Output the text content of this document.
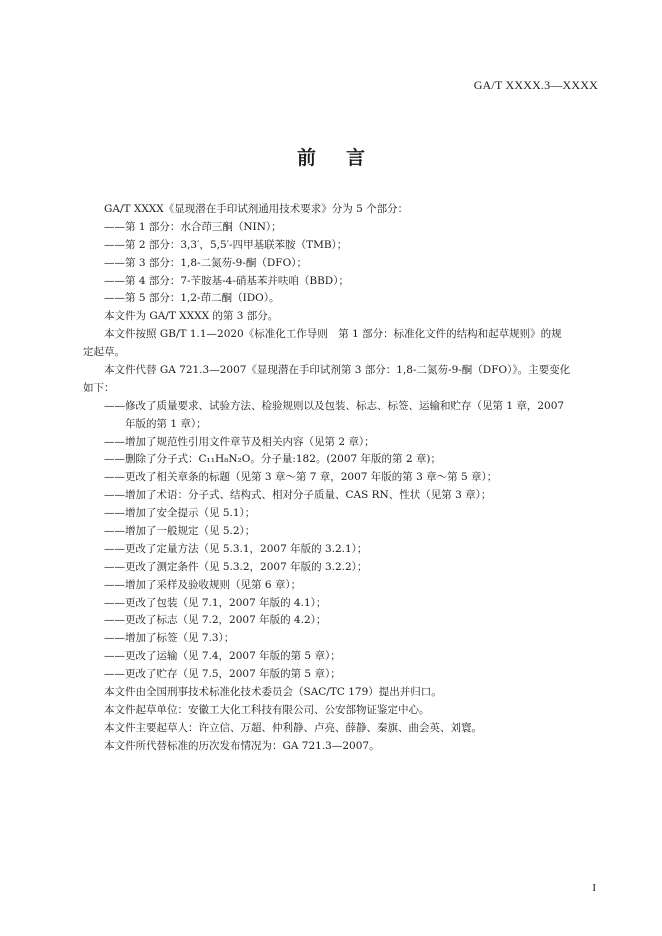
GA/T XXXX.3—XXXX
前言
GA/T XXXX《显现潜在手印试剂通用技术要求》分为 5 个部分：
——第 1 部分：水合茚三酮（NIN）；
——第 2 部分：3,3′，5,5′-四甲基联苯胺（TMB）；
——第 3 部分：1,8-二氮芴-9-酮（DFO）；
——第 4 部分：7-苄胺基-4-硝基苯并呋咱（BBD）；
——第 5 部分：1,2-茚二酮（IDO）。
本文件为 GA/T XXXX 的第 3 部分。
本文件按照 GB/T 1.1—2020《标准化工作导则　第 1 部分：标准化文件的结构和起草规则》的规
定起草。
本文件代替 GA 721.3—2007《显现潜在手印试剂第 3 部分：1,8-二氮芴-9-酮（DFO）》。主要变化
如下：
——修改了质量要求、试验方法、检验规则以及包装、标志、标签、运输和贮存（见第 1 章，2007
年版的第 1 章）；
——增加了规范性引用文件章节及相关内容（见第 2 章）；
——删除了分子式：C₁₁H₈N₂O。分子量:182。(2007 年版的第 2 章)；
——更改了相关章条的标题（见第 3 章～第 7 章，2007 年版的第 3 章～第 5 章）；
——增加了术语：分子式、结构式、相对分子质量、CAS RN、性状（见第 3 章）；
——增加了安全提示（见 5.1）；
——增加了一般规定（见 5.2）；
——更改了定量方法（见 5.3.1，2007 年版的 3.2.1）；
——更改了测定条件（见 5.3.2，2007 年版的 3.2.2）；
——增加了采样及验收规则（见第 6 章）；
——更改了包装（见 7.1，2007 年版的 4.1）；
——更改了标志（见 7.2，2007 年版的 4.2）；
——增加了标签（见 7.3）；
——更改了运输（见 7.4，2007 年版的第 5 章）；
——更改了贮存（见 7.5，2007 年版的第 5 章）；
本文件由全国刑事技术标准化技术委员会（SAC/TC 179）提出并归口。
本文件起草单位：安徽工大化工科技有限公司、公安部物证鉴定中心。
本文件主要起草人：许立信、万超、仲利静、卢亮、薛静、秦旗、曲会英、刘寰。
本文件所代替标准的历次发布情况为：GA 721.3—2007。
I
